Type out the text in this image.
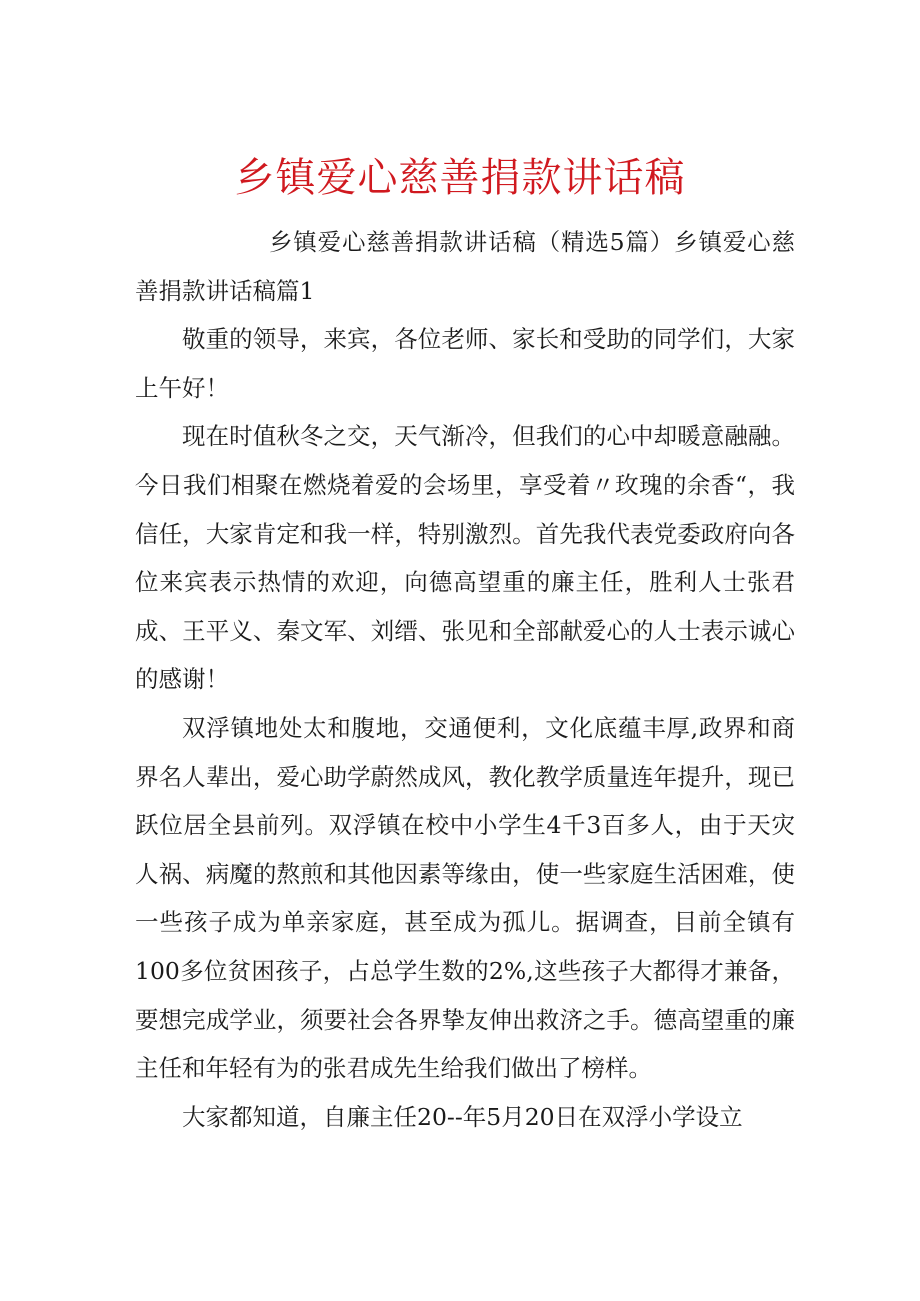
乡镇爱心慈善捐款讲话稿

乡镇爱心慈善捐款讲话稿（精选5篇）乡镇爱心慈善捐款讲话稿篇1

敬重的领导，来宾，各位老师、家长和受助的同学们，大家上午好！

现在时值秋冬之交，天气渐冷，但我们的心中却暖意融融。今日我们相聚在燃烧着爱的会场里，享受着〃玫瑰的余香“，我信任，大家肯定和我一样，特别激烈。首先我代表党委政府向各位来宾表示热情的欢迎，向德高望重的廉主任，胜利人士张君成、王平义、秦文军、刘缙、张见和全部献爱心的人士表示诚心的感谢！

双浮镇地处太和腹地，交通便利，文化底蕴丰厚,政界和商界名人辈出，爱心助学蔚然成风，教化教学质量连年提升，现已跃位居全县前列。双浮镇在校中小学生4千3百多人，由于天灾人祸、病魔的熬煎和其他因素等缘由，使一些家庭生活困难，使一些孩子成为单亲家庭，甚至成为孤儿。据调查，目前全镇有100多位贫困孩子，占总学生数的2%,这些孩子大都得才兼备，要想完成学业，须要社会各界挚友伸出救济之手。德高望重的廉主任和年轻有为的张君成先生给我们做出了榜样。

大家都知道，自廉主任20--年5月20日在双浮小学设立
